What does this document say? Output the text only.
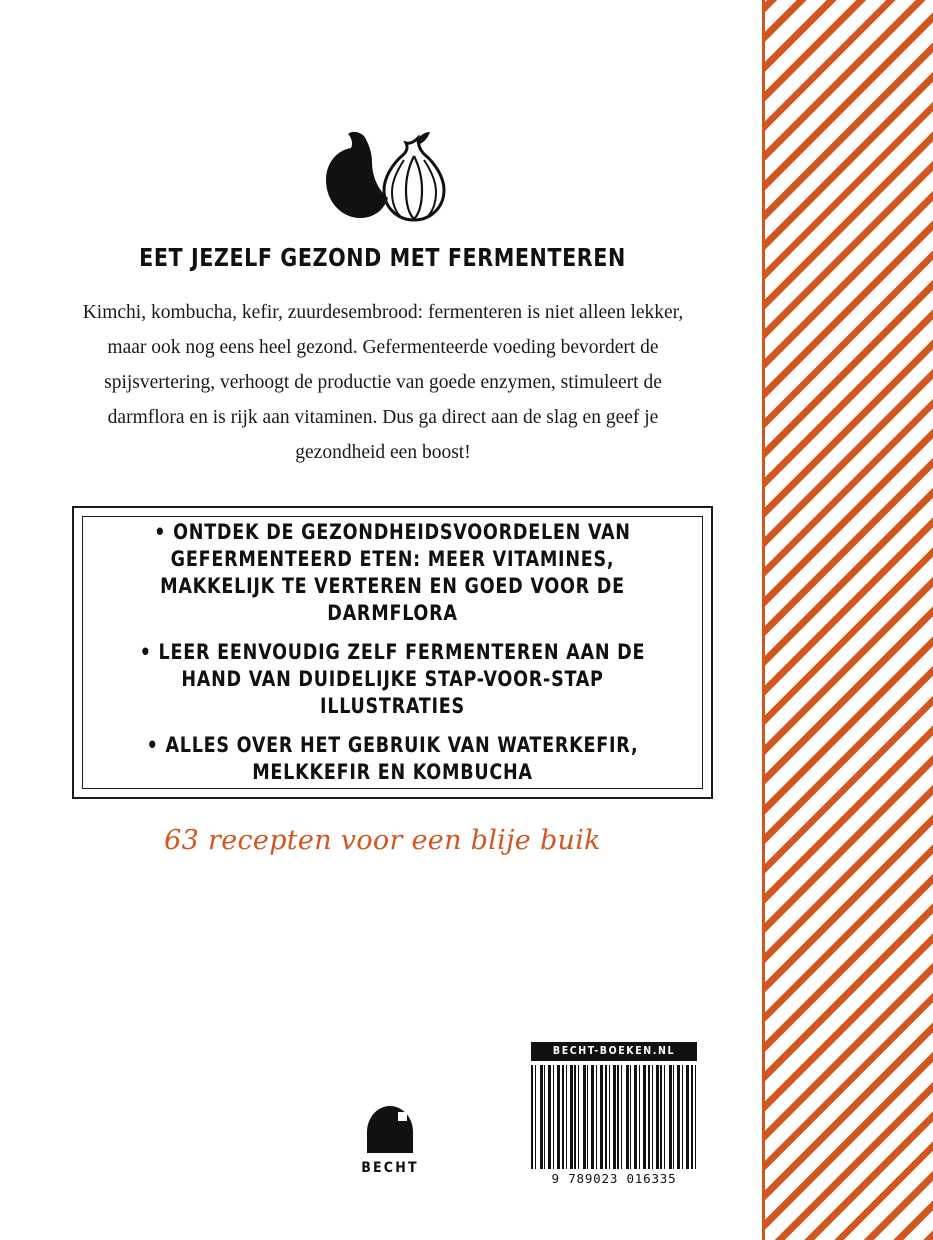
EET JEZELF GEZOND MET FERMENTEREN
Kimchi, kombucha, kefir, zuurdesembrood: fermenteren is niet alleen lekker, maar ook nog eens heel gezond. Gefermenteerde voeding bevordert de spijsvertering, verhoogt de productie van goede enzymen, stimuleert de darmflora en is rijk aan vitaminen. Dus ga direct aan de slag en geef je gezondheid een boost!
• ONTDEK DE GEZONDHEIDSVOORDELEN VAN GEFERMENTEERD ETEN: MEER VITAMINES, MAKKELIJK TE VERTEREN EN GOED VOOR DE DARMFLORA
• LEER EENVOUDIG ZELF FERMENTEREN AAN DE HAND VAN DUIDELIJKE STAP-VOOR-STAP ILLUSTRATIES
• ALLES OVER HET GEBRUIK VAN WATERKEFIR, MELKKEFIR EN KOMBUCHA
63 recepten voor een blije buik
BECHT
BECHT-BOEKEN.NL
9 789023 016335
